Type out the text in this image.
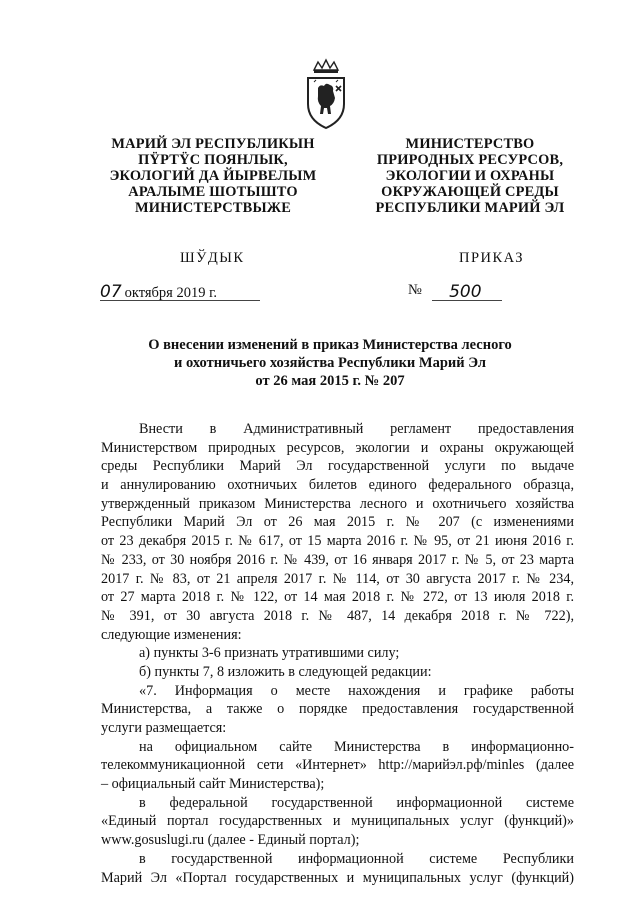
МАРИЙ ЭЛ РЕСПУБЛИКЫН
ПŸРТŸС ПОЯНЛЫК,
ЭКОЛОГИЙ ДА ЙЫРВЕЛЫМ
АРАЛЫМЕ ШОТЫШТО
МИНИСТЕРСТВЫЖЕ
МИНИСТЕРСТВО
ПРИРОДНЫХ РЕСУРСОВ,
ЭКОЛОГИИ И ОХРАНЫ
ОКРУЖАЮЩЕЙ СРЕДЫ
РЕСПУБЛИКИ МАРИЙ ЭЛ
ШЎДЫК	ПРИКАЗ
07 октября 2019 г.	№ 500
О внесении изменений в приказ Министерства лесного
и охотничьего хозяйства Республики Марий Эл
от 26 мая 2015 г. № 207
Внести в Административный регламент предоставления
Министерством природных ресурсов, экологии и охраны окружающей
среды Республики Марий Эл государственной услуги по выдаче
и аннулированию охотничьих билетов единого федерального образца,
утвержденный приказом Министерства лесного и охотничьего хозяйства
Республики Марий Эл от 26 мая 2015 г. № 207 (с изменениями
от 23 декабря 2015 г. № 617, от 15 марта 2016 г. № 95, от 21 июня 2016 г.
№ 233, от 30 ноября 2016 г. № 439, от 16 января 2017 г. № 5, от 23 марта
2017 г. № 83, от 21 апреля 2017 г. № 114, от 30 августа 2017 г. № 234,
от 27 марта 2018 г. № 122, от 14 мая 2018 г. № 272, от 13 июля 2018 г.
№ 391, от 30 августа 2018 г. № 487, 14 декабря 2018 г. № 722),
следующие изменения:
а) пункты 3-6 признать утратившими силу;
б) пункты 7, 8 изложить в следующей редакции:
«7. Информация о месте нахождения и графике работы
Министерства, а также о порядке предоставления государственной
услуги размещается:
на официальном сайте Министерства в информационно-
телекоммуникационной сети «Интернет» http://марийэл.рф/minles (далее
– официальный сайт Министерства);
в федеральной государственной информационной системе
«Единый портал государственных и муниципальных услуг (функций)»
www.gosuslugi.ru (далее - Единый портал);
в государственной информационной системе Республики
Марий Эл «Портал государственных и муниципальных услуг (функций)
